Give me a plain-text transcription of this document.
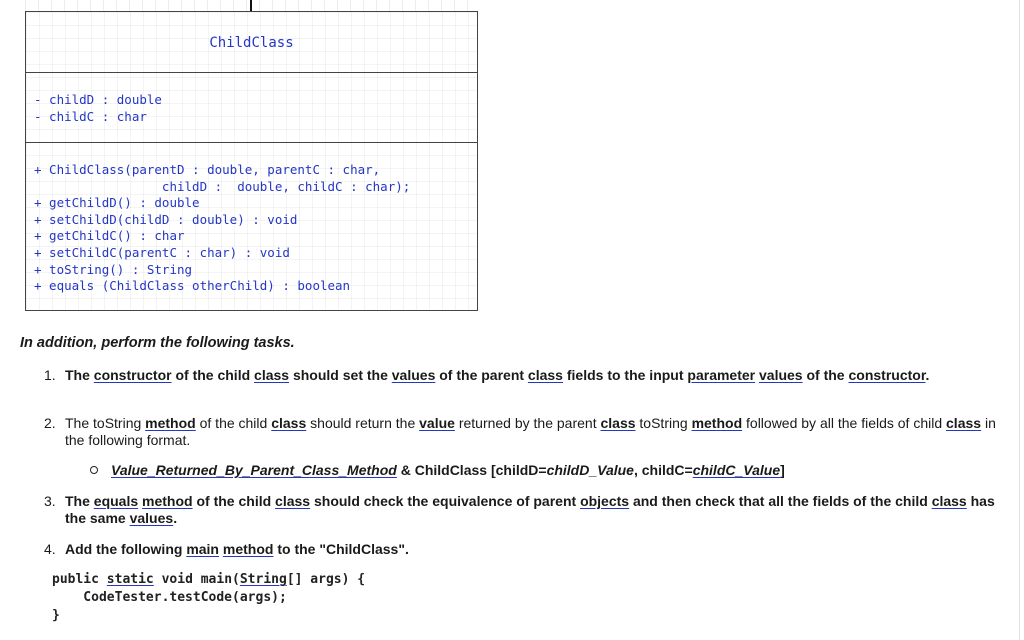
ChildClass
- childD : double
- childC : char
+ ChildClass(parentD : double, parentC : char,
childD :  double, childC : char);
+ getChildD() : double
+ setChildD(childD : double) : void
+ getChildC() : char
+ setChildC(parentC : char) : void
+ toString() : String
+ equals (ChildClass otherChild) : boolean
In addition, perform the following tasks.
1. The constructor of the child class should set the values of the parent class fields to the input parameter values of the constructor.
2. The toString method of the child class should return the value returned by the parent class toString method followed by all the fields of child class in the following format.
Value_Returned_By_Parent_Class_Method & ChildClass [childD=childD_Value, childC=childC_Value]
3. The equals method of the child class should check the equivalence of parent objects and then check that all the fields of the child class has the same values.
4. Add the following main method to the "ChildClass".
public static void main(String[] args) {
CodeTester.testCode(args);
}
